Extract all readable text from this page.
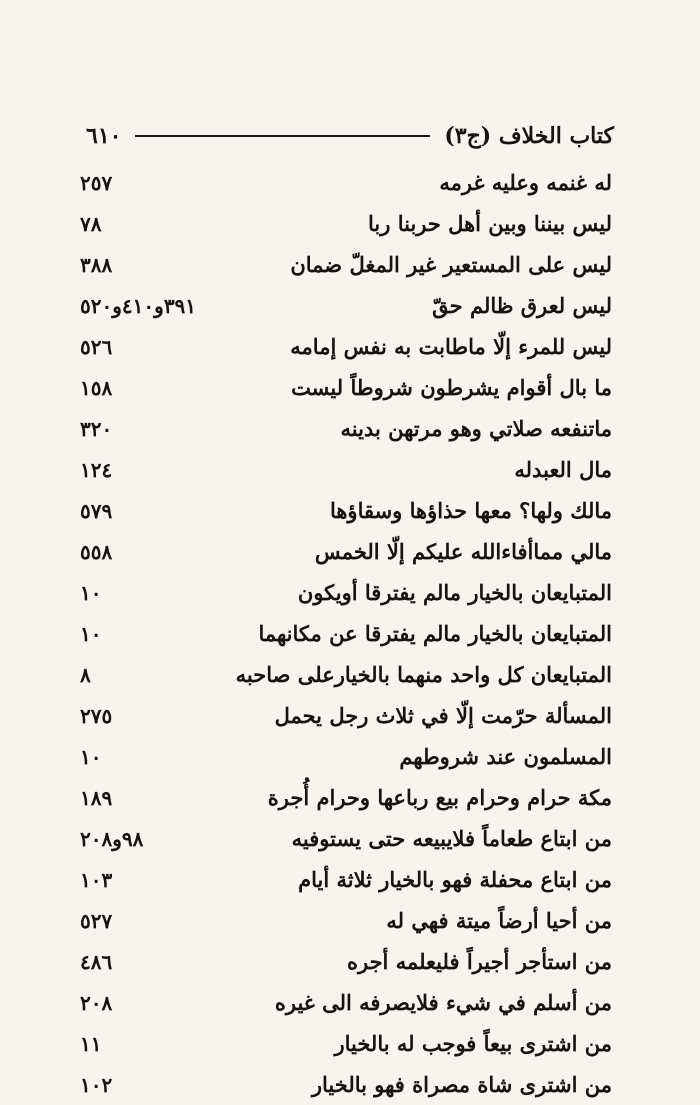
كتاب الخلاف (ج٣)
٦١٠
له غنمه وعليه غرمه
٢٥٧
ليس بيننا وبين أهل حربنا ربا
٧٨
ليس على المستعير غير المغلّ ضمان
٣٨٨
ليس لعرق ظالم حقّ
٣٩١و٤١٠و٥٢٠
ليس للمرء إلّا ماطابت به نفس إمامه
٥٢٦
ما بال أقوام يشرطون شروطاً ليست
١٥٨
ماتنفعه صلاتي وهو مرتهن بدينه
٣٢٠
مال العبدله
١٢٤
مالك ولها؟ معها حذاؤها وسقاؤها
٥٧٩
مالي مماأفاءالله عليكم إلّا الخمس
٥٥٨
المتبايعان بالخيار مالم يفترقا أويكون
١٠
المتبايعان بالخيار مالم يفترقا عن مكانهما
١٠
المتبايعان كل واحد منهما بالخيارعلى صاحبه
٨
المسألة حرّمت إلّا في ثلاث رجل يحمل
٢٧٥
المسلمون عند شروطهم
١٠
مكة حرام وحرام بيع رباعها وحرام أُجرة
١٨٩
من ابتاع طعاماً فلايبيعه حتى يستوفيه
٩٨و٢٠٨
من ابتاع محفلة فهو بالخيار ثلاثة أيام
١٠٣
من أحيا أرضاً ميتة فهي له
٥٢٧
من استأجر أجيراً فليعلمه أجره
٤٨٦
من أسلم في شيء فلايصرفه الى غيره
٢٠٨
من اشترى بيعاً فوجب له بالخيار
١١
من اشترى شاة مصراة فهو بالخيار
١٠٢
